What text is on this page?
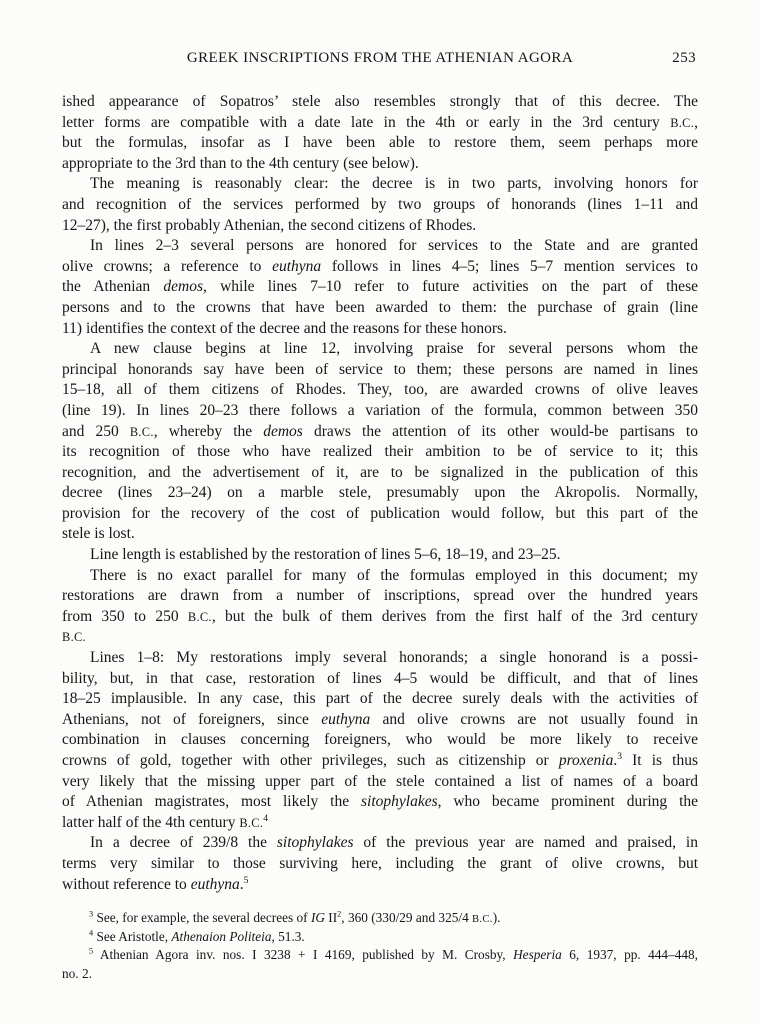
GREEK INSCRIPTIONS FROM THE ATHENIAN AGORA	253
ished appearance of Sopatros’ stele also resembles strongly that of this decree. The
letter forms are compatible with a date late in the 4th or early in the 3rd century B.C.,
but the formulas, insofar as I have been able to restore them, seem perhaps more
appropriate to the 3rd than to the 4th century (see below).
The meaning is reasonably clear: the decree is in two parts, involving honors for
and recognition of the services performed by two groups of honorands (lines 1–11 and
12–27), the first probably Athenian, the second citizens of Rhodes.
In lines 2–3 several persons are honored for services to the State and are granted
olive crowns; a reference to euthyna follows in lines 4–5; lines 5–7 mention services to
the Athenian demos, while lines 7–10 refer to future activities on the part of these
persons and to the crowns that have been awarded to them: the purchase of grain (line
11) identifies the context of the decree and the reasons for these honors.
A new clause begins at line 12, involving praise for several persons whom the
principal honorands say have been of service to them; these persons are named in lines
15–18, all of them citizens of Rhodes. They, too, are awarded crowns of olive leaves
(line 19). In lines 20–23 there follows a variation of the formula, common between 350
and 250 B.C., whereby the demos draws the attention of its other would-be partisans to
its recognition of those who have realized their ambition to be of service to it; this
recognition, and the advertisement of it, are to be signalized in the publication of this
decree (lines 23–24) on a marble stele, presumably upon the Akropolis. Normally,
provision for the recovery of the cost of publication would follow, but this part of the
stele is lost.
Line length is established by the restoration of lines 5–6, 18–19, and 23–25.
There is no exact parallel for many of the formulas employed in this document; my
restorations are drawn from a number of inscriptions, spread over the hundred years
from 350 to 250 B.C., but the bulk of them derives from the first half of the 3rd century
B.C.
Lines 1–8: My restorations imply several honorands; a single honorand is a possi-
bility, but, in that case, restoration of lines 4–5 would be difficult, and that of lines
18–25 implausible. In any case, this part of the decree surely deals with the activities of
Athenians, not of foreigners, since euthyna and olive crowns are not usually found in
combination in clauses concerning foreigners, who would be more likely to receive
crowns of gold, together with other privileges, such as citizenship or proxenia.$^3$ It is thus
very likely that the missing upper part of the stele contained a list of names of a board
of Athenian magistrates, most likely the sitophylakes, who became prominent during the
latter half of the 4th century B.C.$^4$
In a decree of 239/8 the sitophylakes of the previous year are named and praised, in
terms very similar to those surviving here, including the grant of olive crowns, but
without reference to euthyna.$^5$
$^3$ See, for example, the several decrees of IG $II^2$, 360 (330/29 and 325/4 B.C.).
$^4$ See Aristotle, Athenaion Politeia, 51.3.
$^5$ Athenian Agora inv. nos. I 3238 + I 4169, published by M. Crosby, Hesperia 6, 1937, pp. 444–448,
no. 2.
